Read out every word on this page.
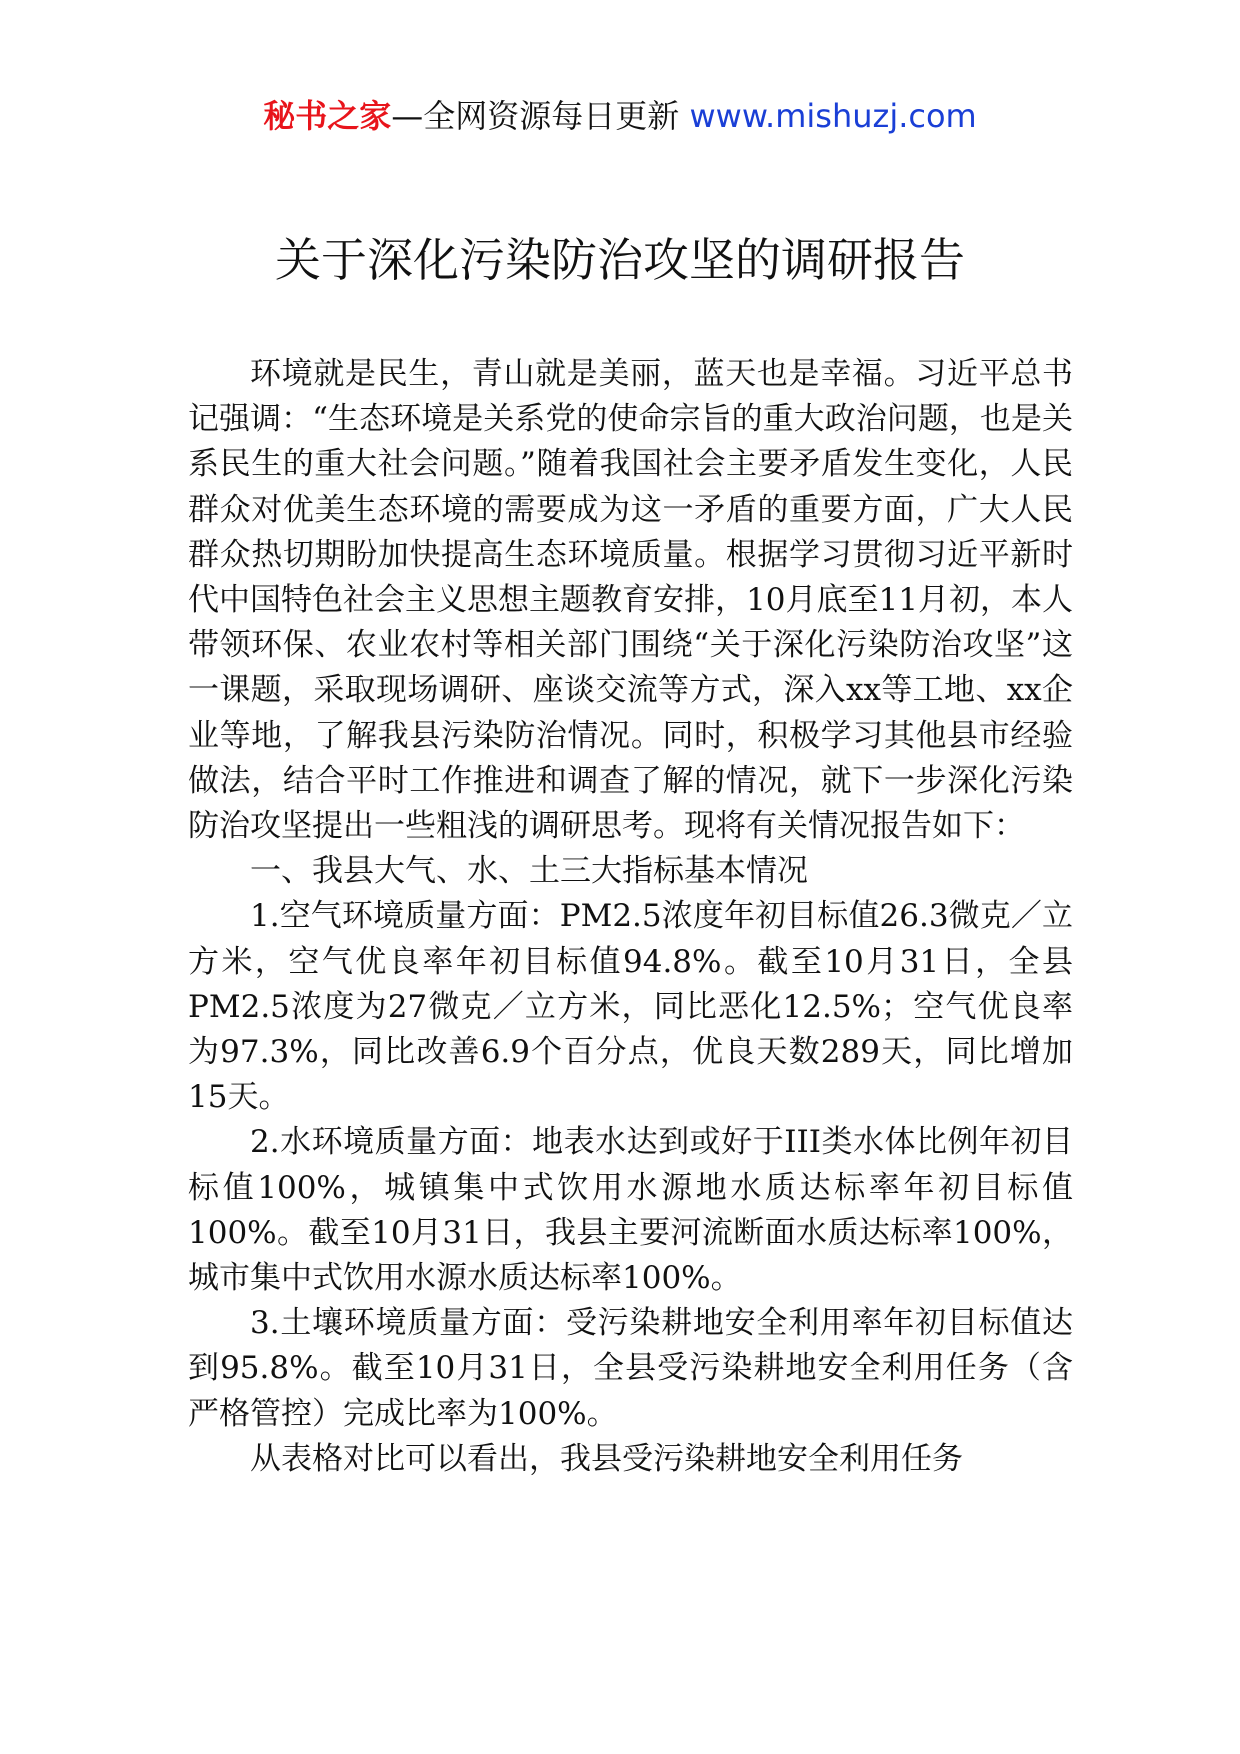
秘书之家—全网资源每日更新 www.mishuzj.com
关于深化污染防治攻坚的调研报告

环境就是民生，青山就是美丽，蓝天也是幸福。习近平总书记强调：“生态环境是关系党的使命宗旨的重大政治问题，也是关系民生的重大社会问题。”随着我国社会主要矛盾发生变化，人民群众对优美生态环境的需要成为这一矛盾的重要方面，广大人民群众热切期盼加快提高生态环境质量。根据学习贯彻习近平新时代中国特色社会主义思想主题教育安排，10月底至11月初，本人带领环保、农业农村等相关部门围绕“关于深化污染防治攻坚”这一课题，采取现场调研、座谈交流等方式，深入xx等工地、xx企业等地，了解我县污染防治情况。同时，积极学习其他县市经验做法，结合平时工作推进和调查了解的情况，就下一步深化污染防治攻坚提出一些粗浅的调研思考。现将有关情况报告如下：

一、我县大气、水、土三大指标基本情况

1.空气环境质量方面：PM2.5浓度年初目标值26.3微克／立方米，空气优良率年初目标值94.8%。截至10月31日，全县PM2.5浓度为27微克／立方米，同比恶化12.5%；空气优良率为97.3%，同比改善6.9个百分点，优良天数289天，同比增加15天。

2.水环境质量方面：地表水达到或好于III类水体比例年初目标值100%，城镇集中式饮用水源地水质达标率年初目标值100%。截至10月31日，我县主要河流断面水质达标率100%，城市集中式饮用水源水质达标率100%。

3.土壤环境质量方面：受污染耕地安全利用率年初目标值达到95.8%。截至10月31日，全县受污染耕地安全利用任务（含严格管控）完成比率为100%。

从表格对比可以看出，我县受污染耕地安全利用任务
